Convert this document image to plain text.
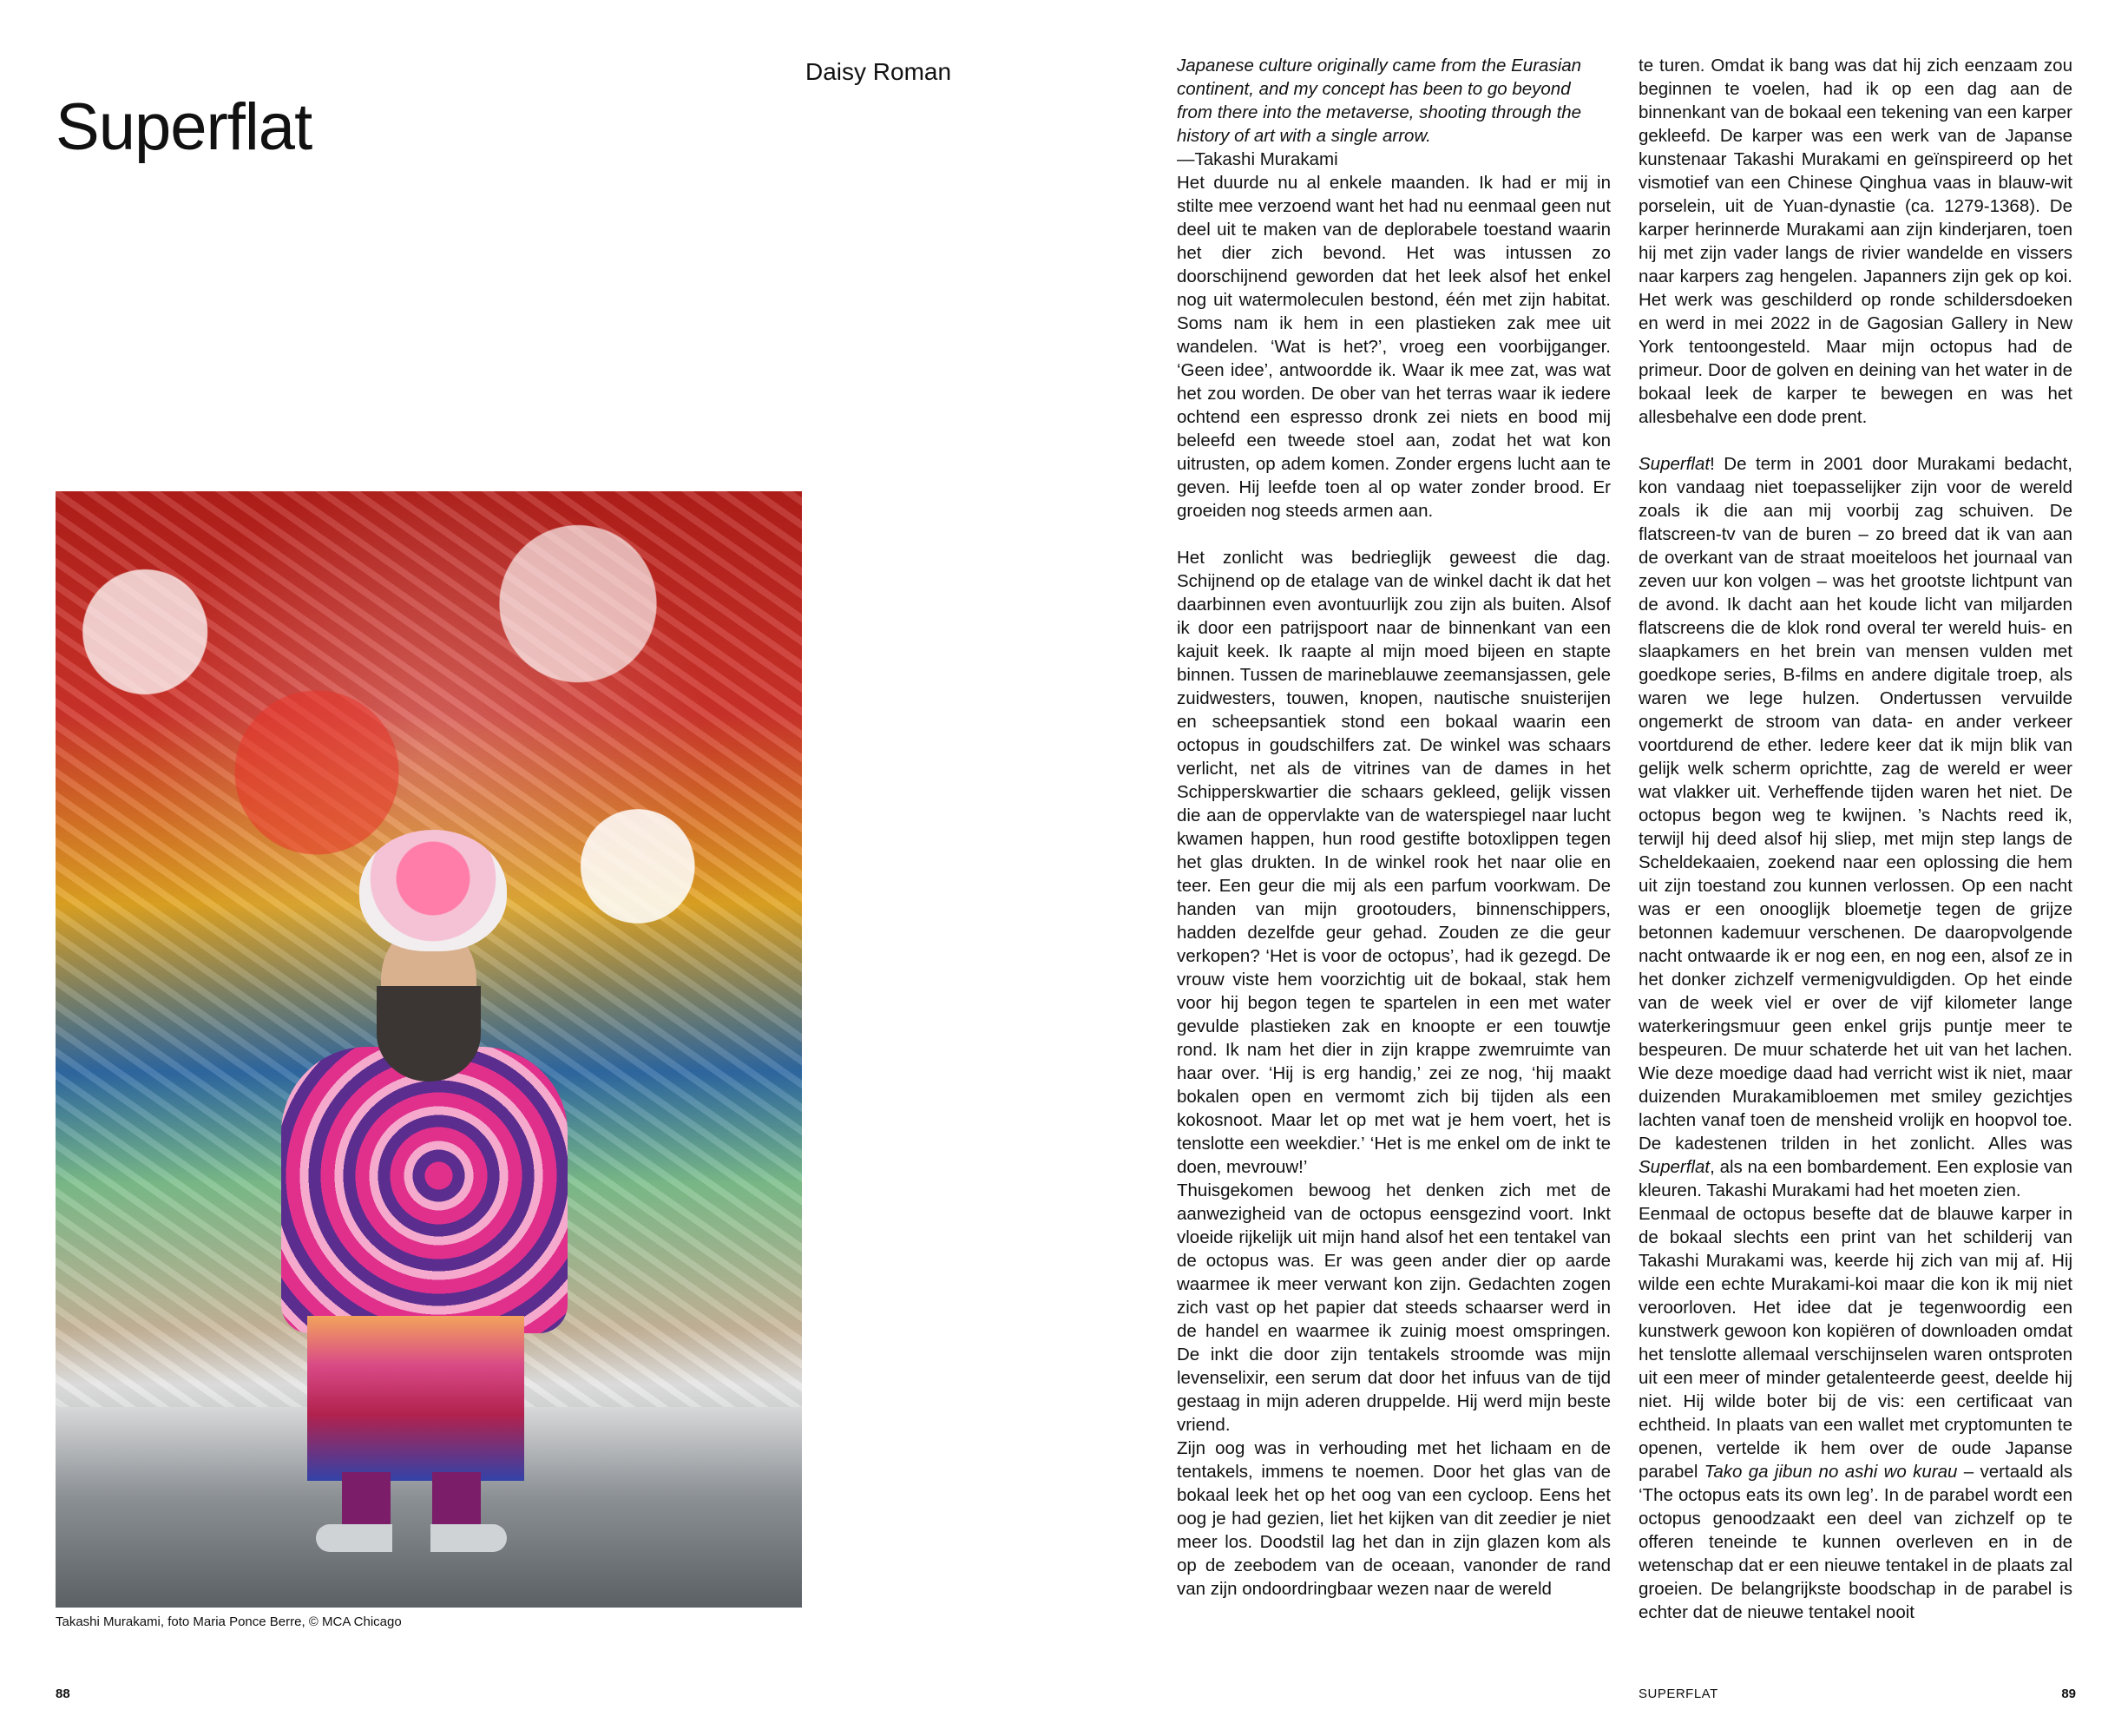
Superflat
Daisy Roman
Takashi Murakami, foto Maria Ponce Berre, © MCA Chicago
88

Japanese culture originally came from the Eurasian continent, and my concept has been to go beyond from there into the metaverse, shooting through the history of art with a single arrow.

—Takashi Murakami

Het duurde nu al enkele maanden. Ik had er mij in stilte mee verzoend want het had nu eenmaal geen nut deel uit te maken van de deplorabele toestand waarin het dier zich bevond. Het was intussen zo doorschijnend geworden dat het leek alsof het enkel nog uit watermoleculen bestond, één met zijn habitat. Soms nam ik hem in een plastieken zak mee uit wandelen. ‘Wat is het?’, vroeg een voorbijganger. ‘Geen idee’, antwoordde ik. Waar ik mee zat, was wat het zou worden. De ober van het terras waar ik iedere ochtend een espresso dronk zei niets en bood mij beleefd een tweede stoel aan, zodat het wat kon uitrusten, op adem komen. Zonder ergens lucht aan te geven. Hij leefde toen al op water zonder brood. Er groeiden nog steeds armen aan.

Het zonlicht was bedrieglijk geweest die dag. Schijnend op de etalage van de winkel dacht ik dat het daarbinnen even avontuurlijk zou zijn als buiten. Alsof ik door een patrijspoort naar de binnenkant van een kajuit keek. Ik raapte al mijn moed bijeen en stapte binnen. Tussen de marineblauwe zeemansjassen, gele zuidwesters, touwen, knopen, nautische snuisterijen en scheepsantiek stond een bokaal waarin een octopus in goudschilfers zat. De winkel was schaars verlicht, net als de vitrines van de dames in het Schipperskwartier die schaars gekleed, gelijk vissen die aan de oppervlakte van de waterspiegel naar lucht kwamen happen, hun rood gestifte botoxlippen tegen het glas drukten. In de winkel rook het naar olie en teer. Een geur die mij als een parfum voorkwam. De handen van mijn grootouders, binnenschippers, hadden dezelfde geur gehad. Zouden ze die geur verkopen? ‘Het is voor de octopus’, had ik gezegd. De vrouw viste hem voorzichtig uit de bokaal, stak hem voor hij begon tegen te spartelen in een met water gevulde plastieken zak en knoopte er een touwtje rond. Ik nam het dier in zijn krappe zwemruimte van haar over. ‘Hij is erg handig,’ zei ze nog, ‘hij maakt bokalen open en vermomt zich bij tijden als een kokosnoot. Maar let op met wat je hem voert, het is tenslotte een weekdier.’ ‘Het is me enkel om de inkt te doen, mevrouw!’

Thuisgekomen bewoog het denken zich met de aanwezigheid van de octopus eensgezind voort. Inkt vloeide rijkelijk uit mijn hand alsof het een tentakel van de octopus was. Er was geen ander dier op aarde waarmee ik meer verwant kon zijn. Gedachten zogen zich vast op het papier dat steeds schaarser werd in de handel en waarmee ik zuinig moest omspringen. De inkt die door zijn tentakels stroomde was mijn levenselixir, een serum dat door het infuus van de tijd gestaag in mijn aderen druppelde. Hij werd mijn beste vriend.

Zijn oog was in verhouding met het lichaam en de tentakels, immens te noemen. Door het glas van de bokaal leek het op het oog van een cycloop. Eens het oog je had gezien, liet het kijken van dit zeedier je niet meer los. Doodstil lag het dan in zijn glazen kom als op de zeebodem van de oceaan, vanonder de rand van zijn ondoordringbaar wezen naar de wereld

te turen. Omdat ik bang was dat hij zich eenzaam zou beginnen te voelen, had ik op een dag aan de binnenkant van de bokaal een tekening van een karper gekleefd. De karper was een werk van de Japanse kunstenaar Takashi Murakami en geïnspireerd op het vismotief van een Chinese Qinghua vaas in blauw-wit porselein, uit de Yuan-dynastie (ca. 1279-1368). De karper herinnerde Murakami aan zijn kinderjaren, toen hij met zijn vader langs de rivier wandelde en vissers naar karpers zag hengelen. Japanners zijn gek op koi. Het werk was geschilderd op ronde schildersdoeken en werd in mei 2022 in de Gagosian Gallery in New York tentoongesteld. Maar mijn octopus had de primeur. Door de golven en deining van het water in de bokaal leek de karper te bewegen en was het allesbehalve een dode prent.

Superflat! De term in 2001 door Murakami bedacht, kon vandaag niet toepasselijker zijn voor de wereld zoals ik die aan mij voorbij zag schuiven. De flatscreen-tv van de buren – zo breed dat ik van aan de overkant van de straat moeiteloos het journaal van zeven uur kon volgen – was het grootste lichtpunt van de avond. Ik dacht aan het koude licht van miljarden flatscreens die de klok rond overal ter wereld huis- en slaapkamers en het brein van mensen vulden met goedkope series, B-films en andere digitale troep, als waren we lege hulzen. Ondertussen vervuilde ongemerkt de stroom van data- en ander verkeer voortdurend de ether. Iedere keer dat ik mijn blik van gelijk welk scherm oprichtte, zag de wereld er weer wat vlakker uit. Verheffende tijden waren het niet. De octopus begon weg te kwijnen. ’s Nachts reed ik, terwijl hij deed alsof hij sliep, met mijn step langs de Scheldekaaien, zoekend naar een oplossing die hem uit zijn toestand zou kunnen verlossen. Op een nacht was er een onooglijk bloemetje tegen de grijze betonnen kademuur verschenen. De daaropvolgende nacht ontwaarde ik er nog een, en nog een, alsof ze in het donker zichzelf vermenigvuldigden. Op het einde van de week viel er over de vijf kilometer lange waterkeringsmuur geen enkel grijs puntje meer te bespeuren. De muur schaterde het uit van het lachen. Wie deze moedige daad had verricht wist ik niet, maar duizenden Murakamibloemen met smiley gezichtjes lachten vanaf toen de mensheid vrolijk en hoopvol toe. De kadestenen trilden in het zonlicht. Alles was Superflat, als na een bombardement. Een explosie van kleuren. Takashi Murakami had het moeten zien.

Eenmaal de octopus besefte dat de blauwe karper in de bokaal slechts een print van het schilderij van Takashi Murakami was, keerde hij zich van mij af. Hij wilde een echte Murakami-koi maar die kon ik mij niet veroorloven. Het idee dat je tegenwoordig een kunstwerk gewoon kon kopiëren of downloaden omdat het tenslotte allemaal verschijnselen waren ontsproten uit een meer of minder getalenteerde geest, deelde hij niet. Hij wilde boter bij de vis: een certificaat van echtheid. In plaats van een wallet met cryptomunten te openen, vertelde ik hem over de oude Japanse parabel Tako ga jibun no ashi wo kurau – vertaald als ‘The octopus eats its own leg’. In de parabel wordt een octopus genoodzaakt een deel van zichzelf op te offeren teneinde te kunnen overleven en in de wetenschap dat er een nieuwe tentakel in de plaats zal groeien. De belangrijkste boodschap in de parabel is echter dat de nieuwe tentakel nooit

SUPERFLAT	89
